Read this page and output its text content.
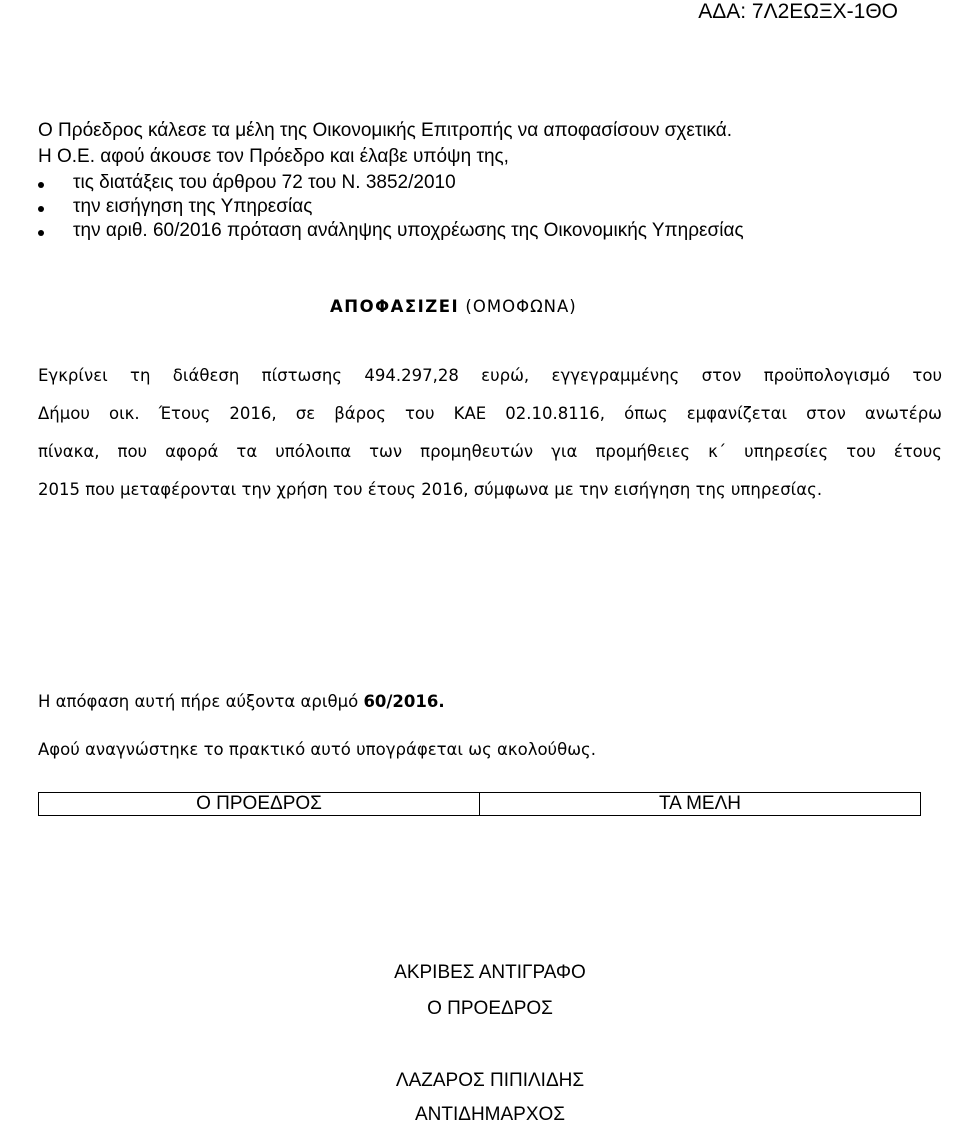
ΑΔΑ: 7Λ2ΕΩΞΧ-1ΘΟ
Ο Πρόεδρος κάλεσε τα μέλη της Οικονομικής Επιτροπής να αποφασίσουν σχετικά.
Η Ο.Ε. αφού άκουσε τον Πρόεδρο και έλαβε υπόψη της,
τις διατάξεις του άρθρου 72 του Ν. 3852/2010
την εισήγηση της Υπηρεσίας
την αριθ. 60/2016 πρόταση ανάληψης υποχρέωσης της Οικονομικής Υπηρεσίας
ΑΠΟΦΑΣΙΖΕΙ (ΟΜΟΦΩΝΑ)
Εγκρίνει τη διάθεση πίστωσης 494.297,28 ευρώ, εγγεγραμμένης στον προϋπολογισμό του
Δήμου οικ. Έτους 2016, σε βάρος του ΚΑΕ 02.10.8116, όπως εμφανίζεται στον ανωτέρω
πίνακα, που αφορά τα υπόλοιπα των προμηθευτών για προμήθειες κ΄ υπηρεσίες του έτους
2015 που μεταφέρονται την χρήση του έτους 2016, σύμφωνα με την εισήγηση της υπηρεσίας.
Η απόφαση αυτή πήρε αύξοντα αριθμό 60/2016.
Αφού αναγνώστηκε το πρακτικό αυτό υπογράφεται ως ακολούθως.
Ο ΠΡΟΕΔΡΟΣ	ΤΑ ΜΕΛΗ
ΑΚΡΙΒΕΣ ΑΝΤΙΓΡΑΦΟ
Ο ΠΡΟΕΔΡΟΣ
ΛΑΖΑΡΟΣ ΠΙΠΙΛΙΔΗΣ
ΑΝΤΙΔΗΜΑΡΧΟΣ
